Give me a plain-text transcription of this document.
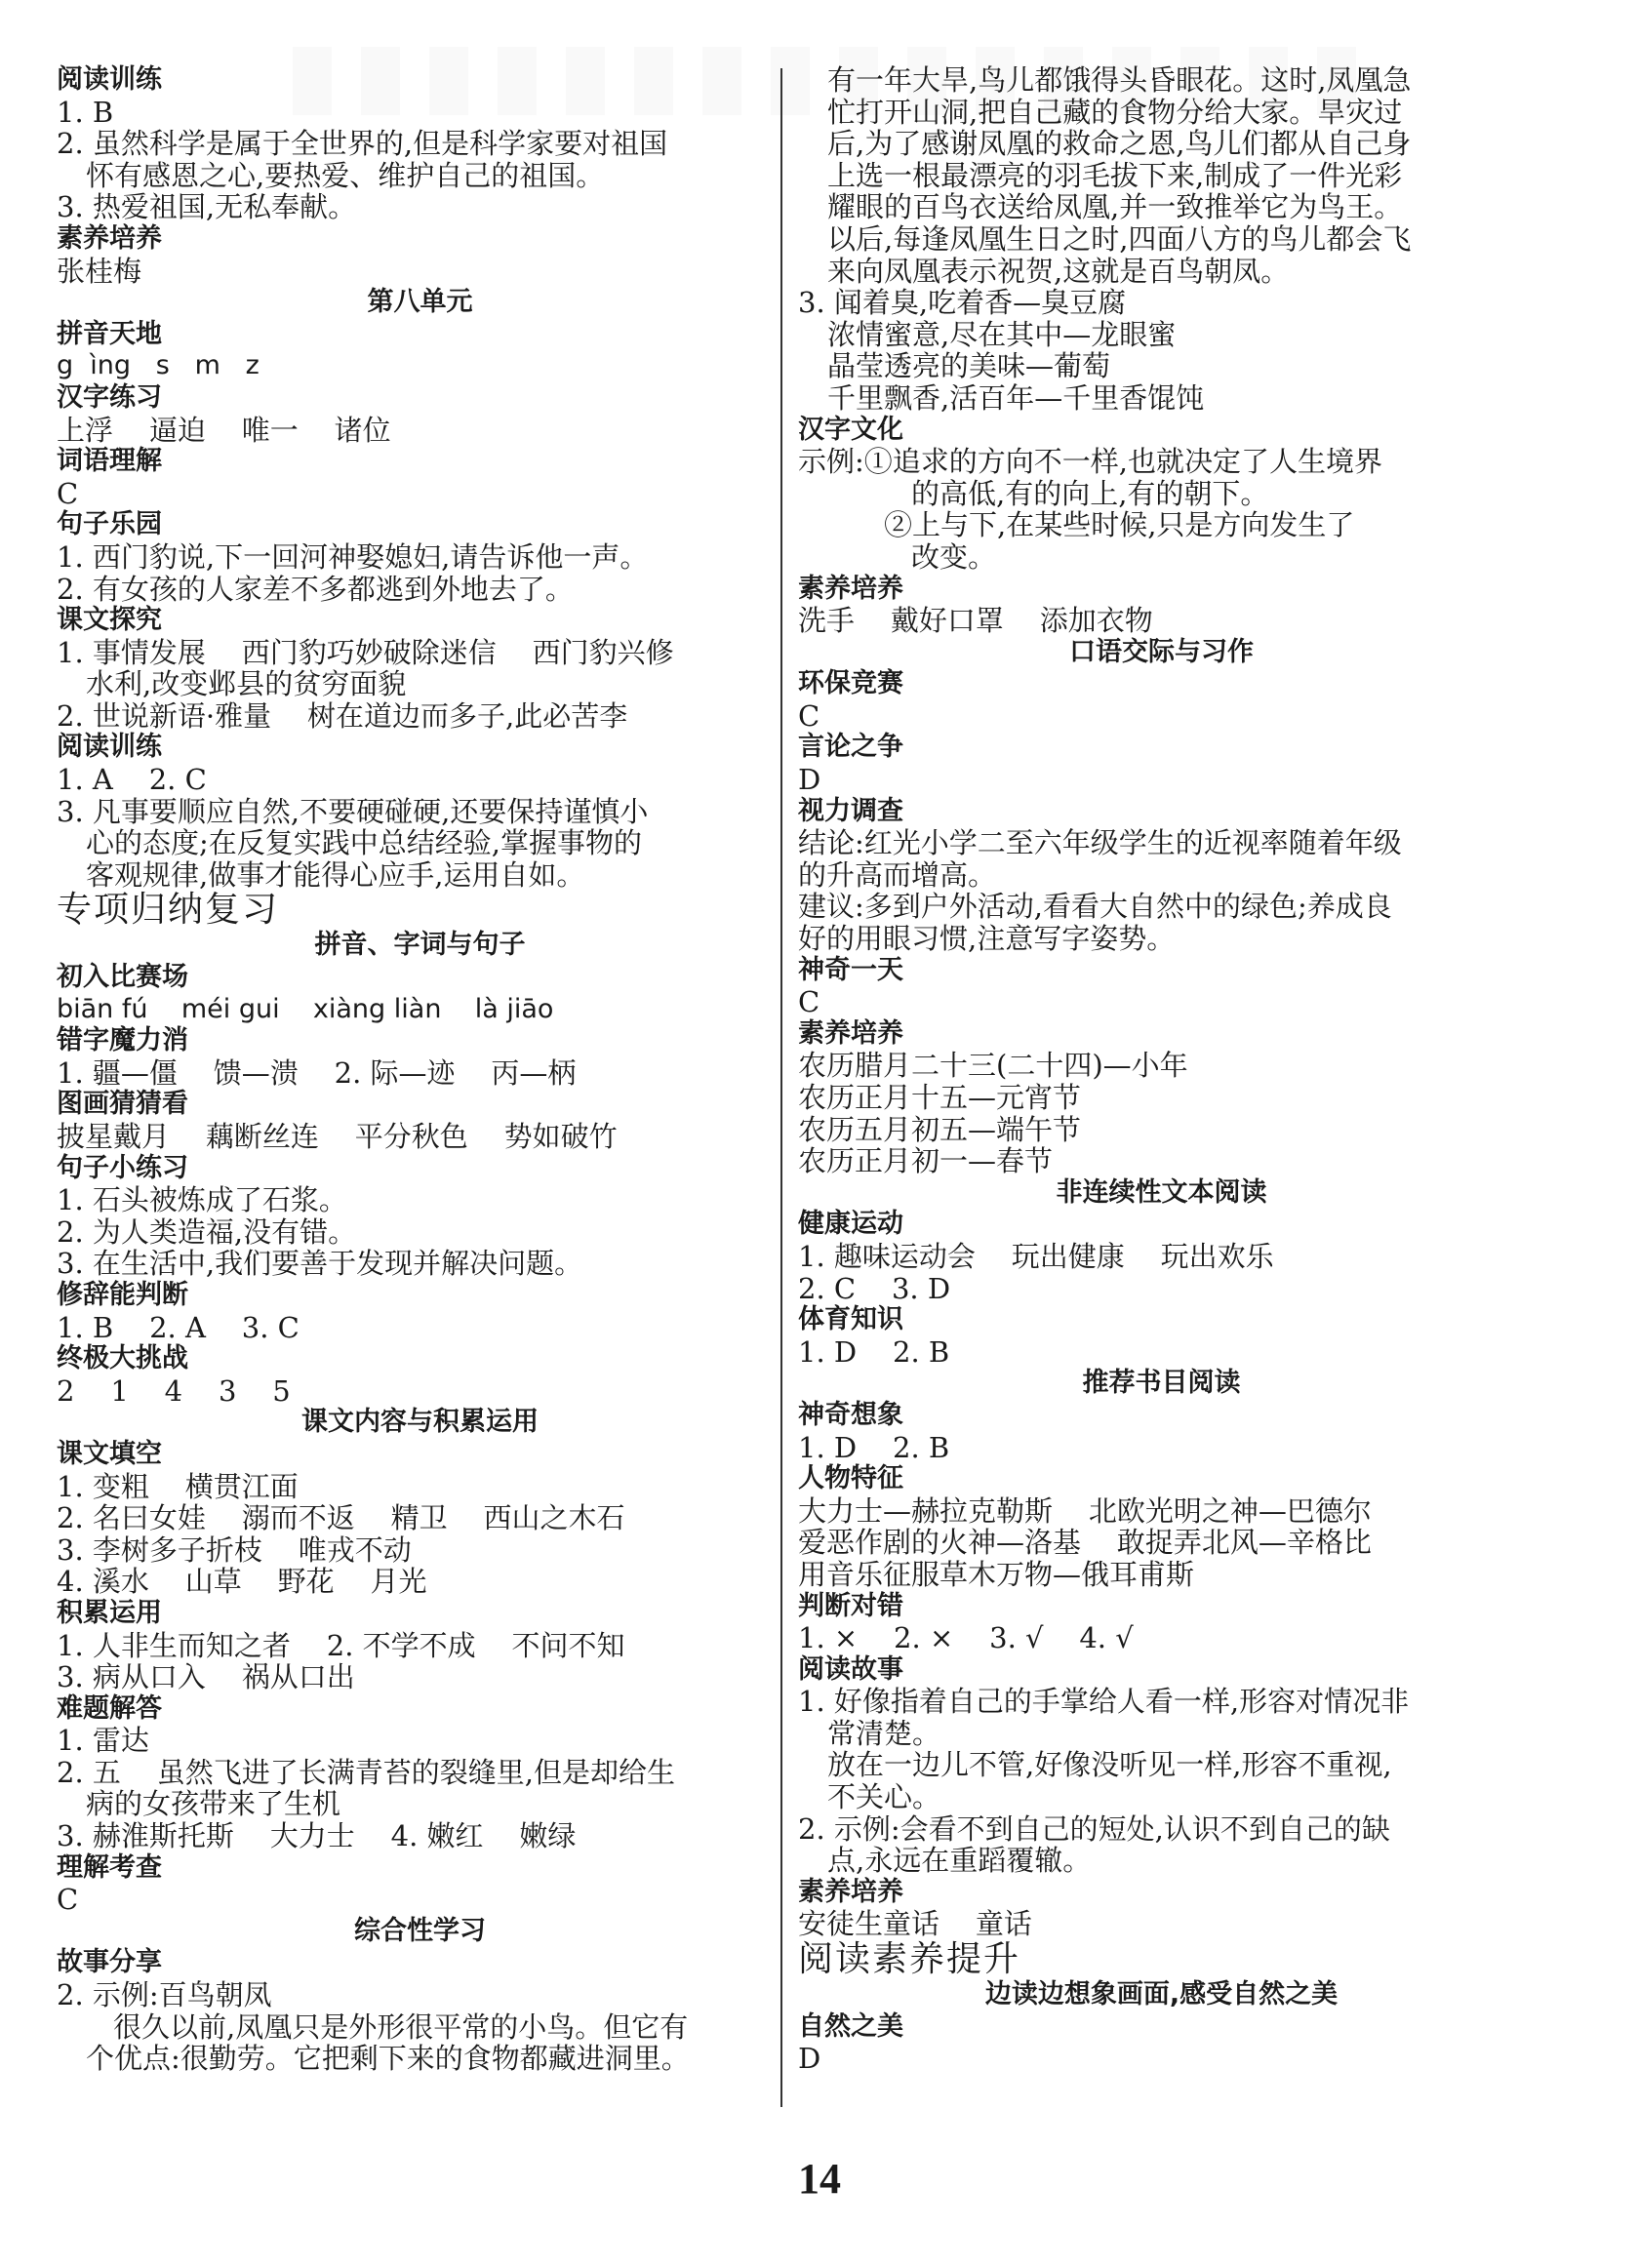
阅读训练
1. B
2. 虽然科学是属于全世界的,但是科学家要对祖国
怀有感恩之心,要热爱、维护自己的祖国。
3. 热爱祖国,无私奉献。
素养培养
张桂梅
第八单元
拼音天地
g  ìng   s   m   z
汉字练习
上浮    逼迫    唯一    诸位
词语理解
C
句子乐园
1. 西门豹说,下一回河神娶媳妇,请告诉他一声。
2. 有女孩的人家差不多都逃到外地去了。
课文探究
1. 事情发展    西门豹巧妙破除迷信    西门豹兴修
水利,改变邺县的贫穷面貌
2. 世说新语·雅量    树在道边而多子,此必苦李
阅读训练
1. A    2. C
3. 凡事要顺应自然,不要硬碰硬,还要保持谨慎小
心的态度;在反复实践中总结经验,掌握事物的
客观规律,做事才能得心应手,运用自如。
专项归纳复习
拼音、字词与句子
初入比赛场
biān fú    méi gui    xiàng liàn    là jiāo
错字魔力消
1. 疆—僵    馈—溃    2. 际—迹    丙—柄
图画猜猜看
披星戴月    藕断丝连    平分秋色    势如破竹
句子小练习
1. 石头被炼成了石浆。
2. 为人类造福,没有错。
3. 在生活中,我们要善于发现并解决问题。
修辞能判断
1. B    2. A    3. C
终极大挑战
2    1    4    3    5
课文内容与积累运用
课文填空
1. 变粗    横贯江面
2. 名曰女娃    溺而不返    精卫    西山之木石
3. 李树多子折枝    唯戎不动
4. 溪水    山草    野花    月光
积累运用
1. 人非生而知之者    2. 不学不成    不问不知
3. 病从口入    祸从口出
难题解答
1. 雷达
2. 五    虽然飞进了长满青苔的裂缝里,但是却给生
病的女孩带来了生机
3. 赫淮斯托斯    大力士    4. 嫩红    嫩绿
理解考查
C
综合性学习
故事分享
2. 示例:百鸟朝凤
很久以前,凤凰只是外形很平常的小鸟。但它有
个优点:很勤劳。它把剩下来的食物都藏进洞里。
有一年大旱,鸟儿都饿得头昏眼花。这时,凤凰急
忙打开山洞,把自己藏的食物分给大家。旱灾过
后,为了感谢凤凰的救命之恩,鸟儿们都从自己身
上选一根最漂亮的羽毛拔下来,制成了一件光彩
耀眼的百鸟衣送给凤凰,并一致推举它为鸟王。
以后,每逢凤凰生日之时,四面八方的鸟儿都会飞
来向凤凰表示祝贺,这就是百鸟朝凤。
3. 闻着臭,吃着香—臭豆腐
浓情蜜意,尽在其中—龙眼蜜
晶莹透亮的美味—葡萄
千里飘香,活百年—千里香馄饨
汉字文化
示例:①追求的方向不一样,也就决定了人生境界
的高低,有的向上,有的朝下。
②上与下,在某些时候,只是方向发生了
改变。
素养培养
洗手    戴好口罩    添加衣物
口语交际与习作
环保竞赛
C
言论之争
D
视力调查
结论:红光小学二至六年级学生的近视率随着年级
的升高而增高。
建议:多到户外活动,看看大自然中的绿色;养成良
好的用眼习惯,注意写字姿势。
神奇一天
C
素养培养
农历腊月二十三(二十四)—小年
农历正月十五—元宵节
农历五月初五—端午节
农历正月初一—春节
非连续性文本阅读
健康运动
1. 趣味运动会    玩出健康    玩出欢乐
2. C    3. D
体育知识
1. D    2. B
推荐书目阅读
神奇想象
1. D    2. B
人物特征
大力士—赫拉克勒斯    北欧光明之神—巴德尔
爱恶作剧的火神—洛基    敢捉弄北风—辛格比
用音乐征服草木万物—俄耳甫斯
判断对错
1. ×    2. ×    3. √    4. √
阅读故事
1. 好像指着自己的手掌给人看一样,形容对情况非
常清楚。
放在一边儿不管,好像没听见一样,形容不重视,
不关心。
2. 示例:会看不到自己的短处,认识不到自己的缺
点,永远在重蹈覆辙。
素养培养
安徒生童话    童话
阅读素养提升
边读边想象画面,感受自然之美
自然之美
D
14
